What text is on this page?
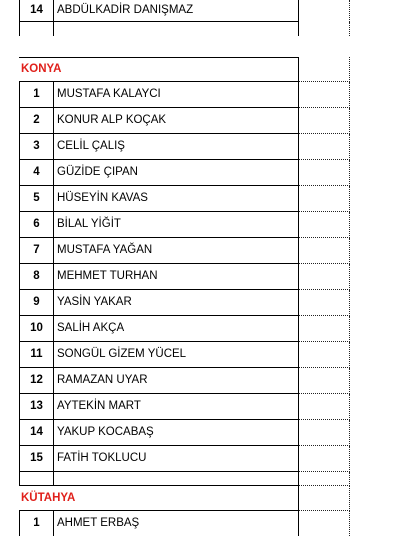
14	ABDÜLKADİR DANIŞMAZ
KONYA
1	MUSTAFA KALAYCI
2	KONUR ALP KOÇAK
3	CELİL ÇALIŞ
4	GÜZİDE ÇIPAN
5	HÜSEYİN KAVAS
6	BİLAL YİĞİT
7	MUSTAFA YAĞAN
8	MEHMET TURHAN
9	YASİN YAKAR
10	SALİH AKÇA
11	SONGÜL GİZEM YÜCEL
12	RAMAZAN UYAR
13	AYTEKİN MART
14	YAKUP KOCABAŞ
15	FATİH TOKLUCU
KÜTAHYA
1	AHMET ERBAŞ
